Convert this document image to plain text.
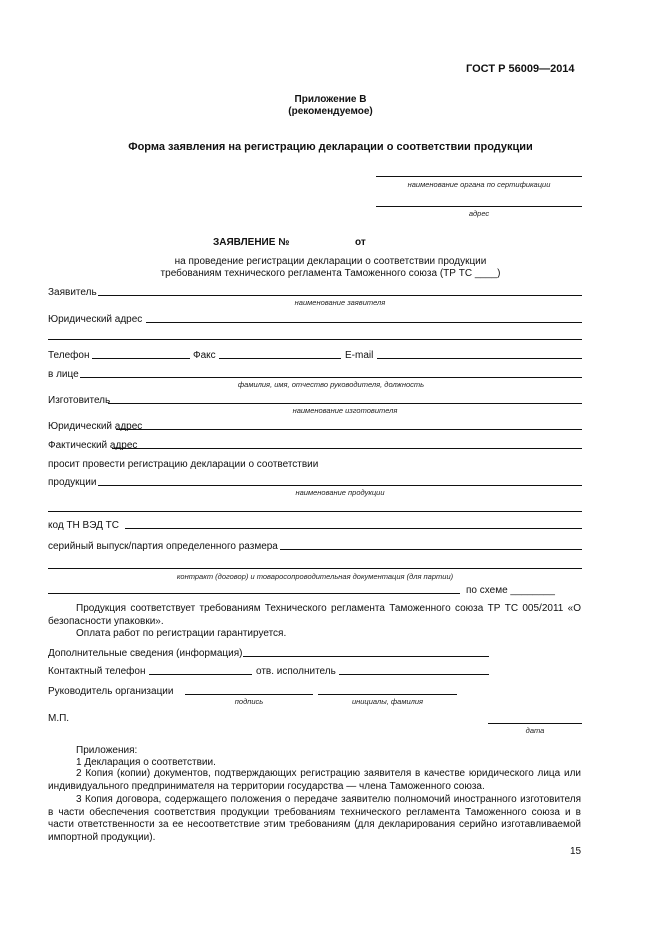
ГОСТ Р 56009—2014
Приложение В
(рекомендуемое)
Форма заявления на регистрацию декларации о соответствии продукции
наименование органа по сертификации
адрес
ЗАЯВЛЕНИЕ №	от
на проведение регистрации декларации о соответствии продукции
требованиям технического регламента Таможенного союза (ТР ТС ____)
Заявитель
наименование заявителя
Юридический адрес
Телефон	Факс	E-mail
в лице
фамилия, имя, отчество руководителя, должность
Изготовитель
наименование изготовителя
Юридический адрес
Фактический адрес
просит провести регистрацию декларации о соответствии
продукции
наименование продукции
код ТН ВЭД ТС
серийный выпуск/партия определенного размера
контракт (договор) и товаросопроводительная документация (для партии)
по схеме ________
Продукция соответствует требованиям Технического регламента Таможенного союза ТР ТС 005/2011 «О безопасности упаковки».
Оплата работ по регистрации гарантируется.
Дополнительные сведения (информация)
Контактный телефон	отв. исполнитель
Руководитель организации
подпись	инициалы, фамилия
М.П.
дата
Приложения:
1 Декларация о соответствии.
2 Копия (копии) документов, подтверждающих регистрацию заявителя в качестве юридического лица или индивидуального предпринимателя на территории государства — члена Таможенного союза.
3 Копия договора, содержащего положения о передаче заявителю полномочий иностранного изготовителя в части обеспечения соответствия продукции требованиям технического регламента Таможенного союза и в части ответственности за ее несоответствие этим требованиям (для декларирования серийно изготавливаемой импортной продукции).
15
